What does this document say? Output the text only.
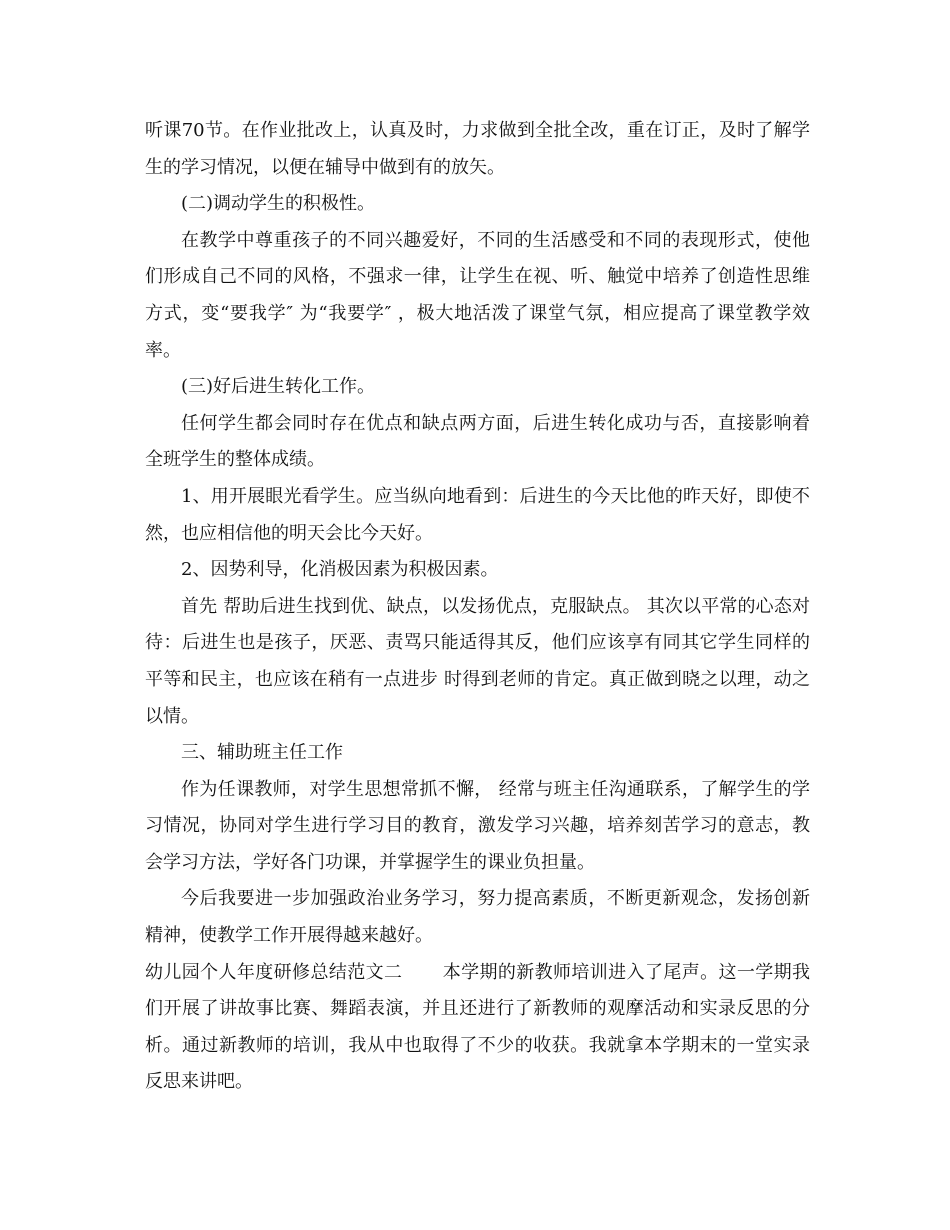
听课70节。在作业批改上，认真及时，力求做到全批全改，重在订正，及时了解学生的学习情况，以便在辅导中做到有的放矢。

(二)调动学生的积极性。

在教学中尊重孩子的不同兴趣爱好，不同的生活感受和不同的表现形式，使他们形成自己不同的风格，不强求一律，让学生在视、听、触觉中培养了创造性思维方式，变“要我学″ 为“我要学″ ，极大地活泼了课堂气氛，相应提高了课堂教学效率。

(三)好后进生转化工作。

任何学生都会同时存在优点和缺点两方面，后进生转化成功与否，直接影响着全班学生的整体成绩。

1、用开展眼光看学生。应当纵向地看到：后进生的今天比他的昨天好，即使不然，也应相信他的明天会比今天好。

2、因势利导，化消极因素为积极因素。

首先 帮助后进生找到优、缺点，以发扬优点，克服缺点。 其次以平常的心态对待：后进生也是孩子，厌恶、责骂只能适得其反，他们应该享有同其它学生同样的平等和民主，也应该在稍有一点进步 时得到老师的肯定。真正做到晓之以理，动之以情。

三、辅助班主任工作

作为任课教师，对学生思想常抓不懈， 经常与班主任沟通联系，了解学生的学习情况，协同对学生进行学习目的教育，激发学习兴趣，培养刻苦学习的意志，教会学习方法，学好各门功课，并掌握学生的课业负担量。

今后我要进一步加强政治业务学习，努力提高素质，不断更新观念，发扬创新精神，使教学工作开展得越来越好。

幼儿园个人年度研修总结范文二 本学期的新教师培训进入了尾声。这一学期我们开展了讲故事比赛、舞蹈表演，并且还进行了新教师的观摩活动和实录反思的分析。通过新教师的培训，我从中也取得了不少的收获。我就拿本学期末的一堂实录反思来讲吧。
